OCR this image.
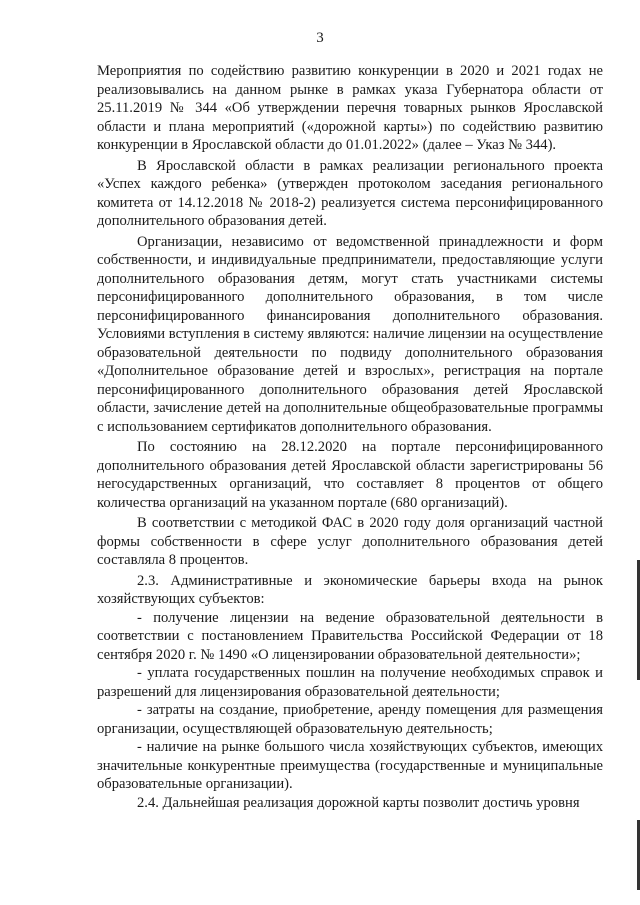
3

Мероприятия по содействию развитию конкуренции в 2020 и 2021 годах не реализовывались на данном рынке в рамках указа Губернатора области от 25.11.2019 № 344 «Об утверждении перечня товарных рынков Ярославской области и плана мероприятий («дорожной карты») по содействию развитию конкуренции в Ярославской области до 01.01.2022» (далее – Указ № 344).

В Ярославской области в рамках реализации регионального проекта «Успех каждого ребенка» (утвержден протоколом заседания регионального комитета от 14.12.2018 № 2018-2) реализуется система персонифицированного дополнительного образования детей.

Организации, независимо от ведомственной принадлежности и форм собственности, и индивидуальные предприниматели, предоставляющие услуги дополнительного образования детям, могут стать участниками системы персонифицированного дополнительного образования, в том числе персонифицированного финансирования дополнительного образования. Условиями вступления в систему являются: наличие лицензии на осуществление образовательной деятельности по подвиду дополнительного образования «Дополнительное образование детей и взрослых», регистрация на портале персонифицированного дополнительного образования детей Ярославской области, зачисление детей на дополнительные общеобразовательные программы с использованием сертификатов дополнительного образования.

По состоянию на 28.12.2020 на портале персонифицированного дополнительного образования детей Ярославской области зарегистрированы 56 негосударственных организаций, что составляет 8 процентов от общего количества организаций на указанном портале (680 организаций).

В соответствии с методикой ФАС в 2020 году доля организаций частной формы собственности в сфере услуг дополнительного образования детей составляла 8 процентов.

2.3. Административные и экономические барьеры входа на рынок хозяйствующих субъектов:

- получение лицензии на ведение образовательной деятельности в соответствии с постановлением Правительства Российской Федерации от 18 сентября 2020 г. № 1490 «О лицензировании образовательной деятельности»;

- уплата государственных пошлин на получение необходимых справок и разрешений для лицензирования образовательной деятельности;

- затраты на создание, приобретение, аренду помещения для размещения организации, осуществляющей образовательную деятельность;

- наличие на рынке большого числа хозяйствующих субъектов, имеющих значительные конкурентные преимущества (государственные и муниципальные образовательные организации).

2.4. Дальнейшая реализация дорожной карты позволит достичь уровня
